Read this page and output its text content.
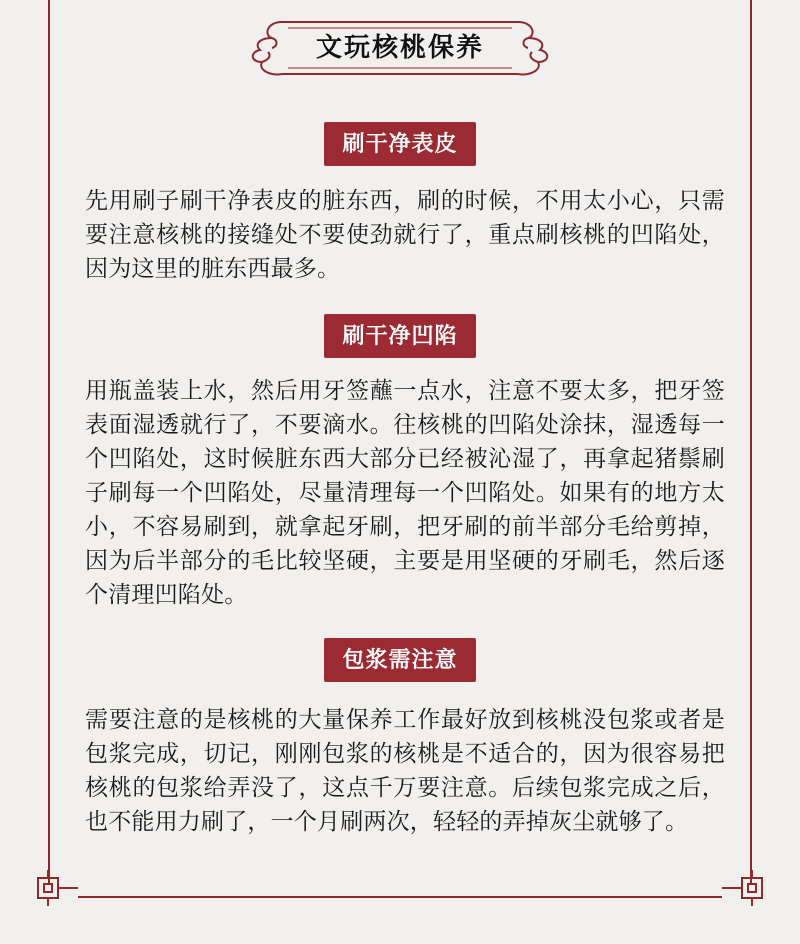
文玩核桃保养
刷干净表皮

先用刷子刷干净表皮的脏东西，刷的时候，不用太小心，只需要注意核桃的接缝处不要使劲就行了，重点刷核桃的凹陷处，因为这里的脏东西最多。

刷干净凹陷

用瓶盖装上水，然后用牙签蘸一点水，注意不要太多，把牙签表面湿透就行了，不要滴水。往核桃的凹陷处涂抹，湿透每一个凹陷处，这时候脏东西大部分已经被沁湿了，再拿起猪鬃刷子刷每一个凹陷处，尽量清理每一个凹陷处。如果有的地方太小，不容易刷到，就拿起牙刷，把牙刷的前半部分毛给剪掉，因为后半部分的毛比较坚硬，主要是用坚硬的牙刷毛，然后逐个清理凹陷处。

包浆需注意

需要注意的是核桃的大量保养工作最好放到核桃没包浆或者是包浆完成，切记，刚刚包浆的核桃是不适合的，因为很容易把核桃的包浆给弄没了，这点千万要注意。后续包浆完成之后，也不能用力刷了，一个月刷两次，轻轻的弄掉灰尘就够了。
